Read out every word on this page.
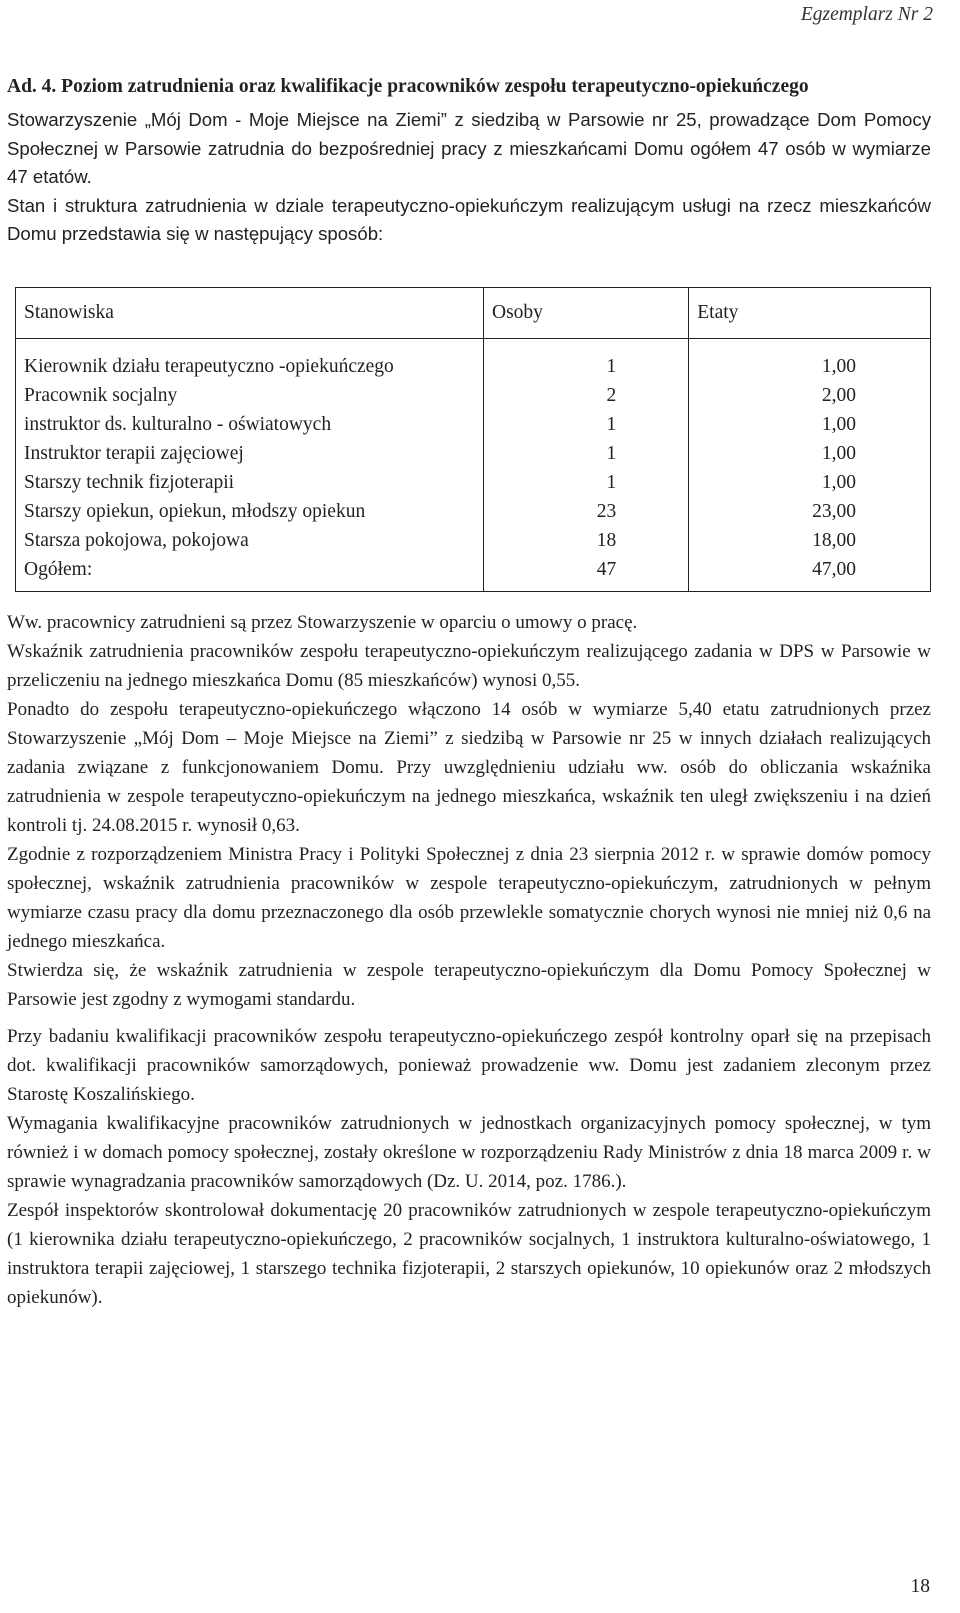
Egzemplarz Nr 2

Ad. 4. Poziom zatrudnienia oraz kwalifikacje pracowników zespołu terapeutyczno-opiekuńczego

Stowarzyszenie „Mój Dom - Moje Miejsce na Ziemi” z siedzibą w Parsowie nr 25, prowadzące Dom Pomocy Społecznej w Parsowie zatrudnia do bezpośredniej pracy z mieszkańcami Domu ogółem 47 osób w wymiarze 47 etatów.

Stan i struktura zatrudnienia w dziale terapeutyczno-opiekuńczym realizującym usługi na rzecz mieszkańców Domu przedstawia się w następujący sposób:

Stanowiska	Osoby	Etaty
Kierownik działu terapeutyczno -opiekuńczego	1	1,00
Pracownik socjalny	2	2,00
instruktor ds. kulturalno - oświatowych	1	1,00
Instruktor terapii zajęciowej	1	1,00
Starszy technik fizjoterapii	1	1,00
Starszy opiekun, opiekun, młodszy opiekun	23	23,00
Starsza pokojowa, pokojowa	18	18,00
Ogółem:	47	47,00

Ww. pracownicy zatrudnieni są przez Stowarzyszenie w oparciu o umowy o pracę.

Wskaźnik zatrudnienia pracowników zespołu terapeutyczno-opiekuńczym realizującego zadania w DPS w Parsowie w przeliczeniu na jednego mieszkańca Domu (85 mieszkańców) wynosi 0,55.

Ponadto do zespołu terapeutyczno-opiekuńczego włączono 14 osób w wymiarze 5,40 etatu zatrudnionych przez Stowarzyszenie „Mój Dom – Moje Miejsce na Ziemi” z siedzibą w Parsowie nr 25 w innych działach realizujących zadania związane z funkcjonowaniem Domu. Przy uwzględnieniu udziału ww. osób do obliczania wskaźnika zatrudnienia w zespole terapeutyczno-opiekuńczym na jednego mieszkańca, wskaźnik ten uległ zwiększeniu i na dzień kontroli tj. 24.08.2015 r. wynosił 0,63.

Zgodnie z rozporządzeniem Ministra Pracy i Polityki Społecznej z dnia 23 sierpnia 2012 r. w sprawie domów pomocy społecznej, wskaźnik zatrudnienia pracowników w zespole terapeutyczno-opiekuńczym, zatrudnionych w pełnym wymiarze czasu pracy dla domu przeznaczonego dla osób przewlekle somatycznie chorych wynosi nie mniej niż 0,6 na jednego mieszkańca.

Stwierdza się, że wskaźnik zatrudnienia w zespole terapeutyczno-opiekuńczym dla Domu Pomocy Społecznej w Parsowie jest zgodny z wymogami standardu.

Przy badaniu kwalifikacji pracowników zespołu terapeutyczno-opiekuńczego zespół kontrolny oparł się na przepisach dot. kwalifikacji pracowników samorządowych, ponieważ prowadzenie ww. Domu jest zadaniem zleconym przez Starostę Koszalińskiego.

Wymagania kwalifikacyjne pracowników zatrudnionych w jednostkach organizacyjnych pomocy społecznej, w tym również i w domach pomocy społecznej, zostały określone w rozporządzeniu Rady Ministrów z dnia 18 marca 2009 r. w sprawie wynagradzania pracowników samorządowych (Dz. U. 2014, poz. 1786.).

Zespół inspektorów skontrolował dokumentację 20 pracowników zatrudnionych w zespole terapeutyczno-opiekuńczym (1 kierownika działu terapeutyczno-opiekuńczego, 2 pracowników socjalnych, 1 instruktora kulturalno-oświatowego, 1 instruktora terapii zajęciowej, 1 starszego technika fizjoterapii, 2 starszych opiekunów, 10 opiekunów oraz 2 młodszych opiekunów).

18
